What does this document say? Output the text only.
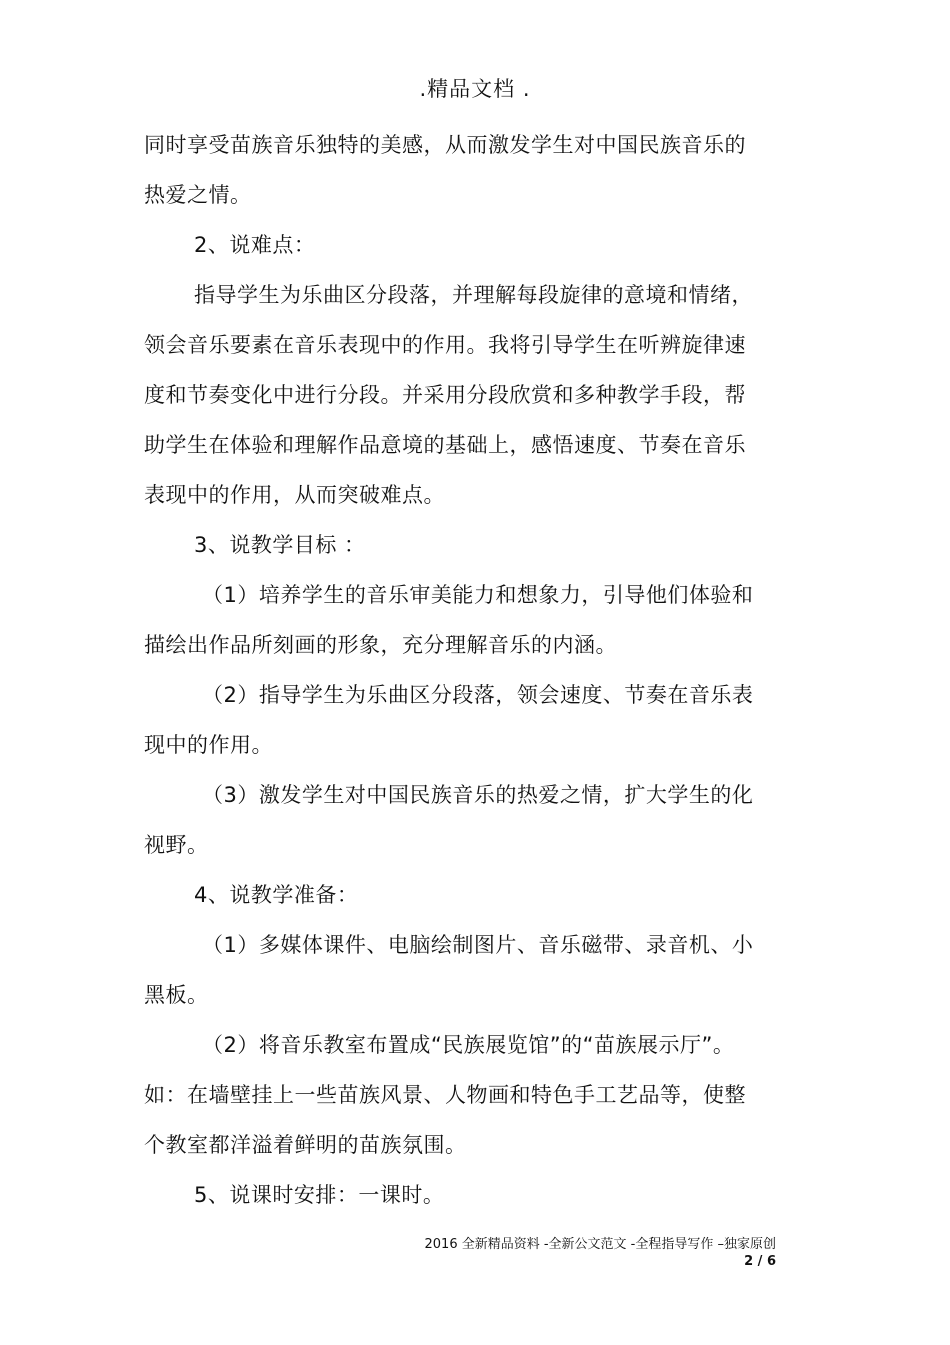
.精品文档 .

同时享受苗族音乐独特的美感，从而激发学生对中国民族音乐的热爱之情。

2、说难点：

指导学生为乐曲区分段落，并理解每段旋律的意境和情绪，领会音乐要素在音乐表现中的作用。我将引导学生在听辨旋律速度和节奏变化中进行分段。并采用分段欣赏和多种教学手段，帮助学生在体验和理解作品意境的基础上，感悟速度、节奏在音乐表现中的作用，从而突破难点。

3、说教学目标 ：

（1）培养学生的音乐审美能力和想象力，引导他们体验和描绘出作品所刻画的形象，充分理解音乐的内涵。

（2）指导学生为乐曲区分段落，领会速度、节奏在音乐表现中的作用。

（3）激发学生对中国民族音乐的热爱之情，扩大学生的化视野。

4、说教学准备：

（1）多媒体课件、电脑绘制图片、音乐磁带、录音机、小黑板。

（2）将音乐教室布置成“民族展览馆”的“苗族展示厅”。如：在墙壁挂上一些苗族风景、人物画和特色手工艺品等，使整个教室都洋溢着鲜明的苗族氛围。

5、说课时安排：一课时。

2016 全新精品资料 -全新公文范文 -全程指导写作 –独家原创
2 / 6
